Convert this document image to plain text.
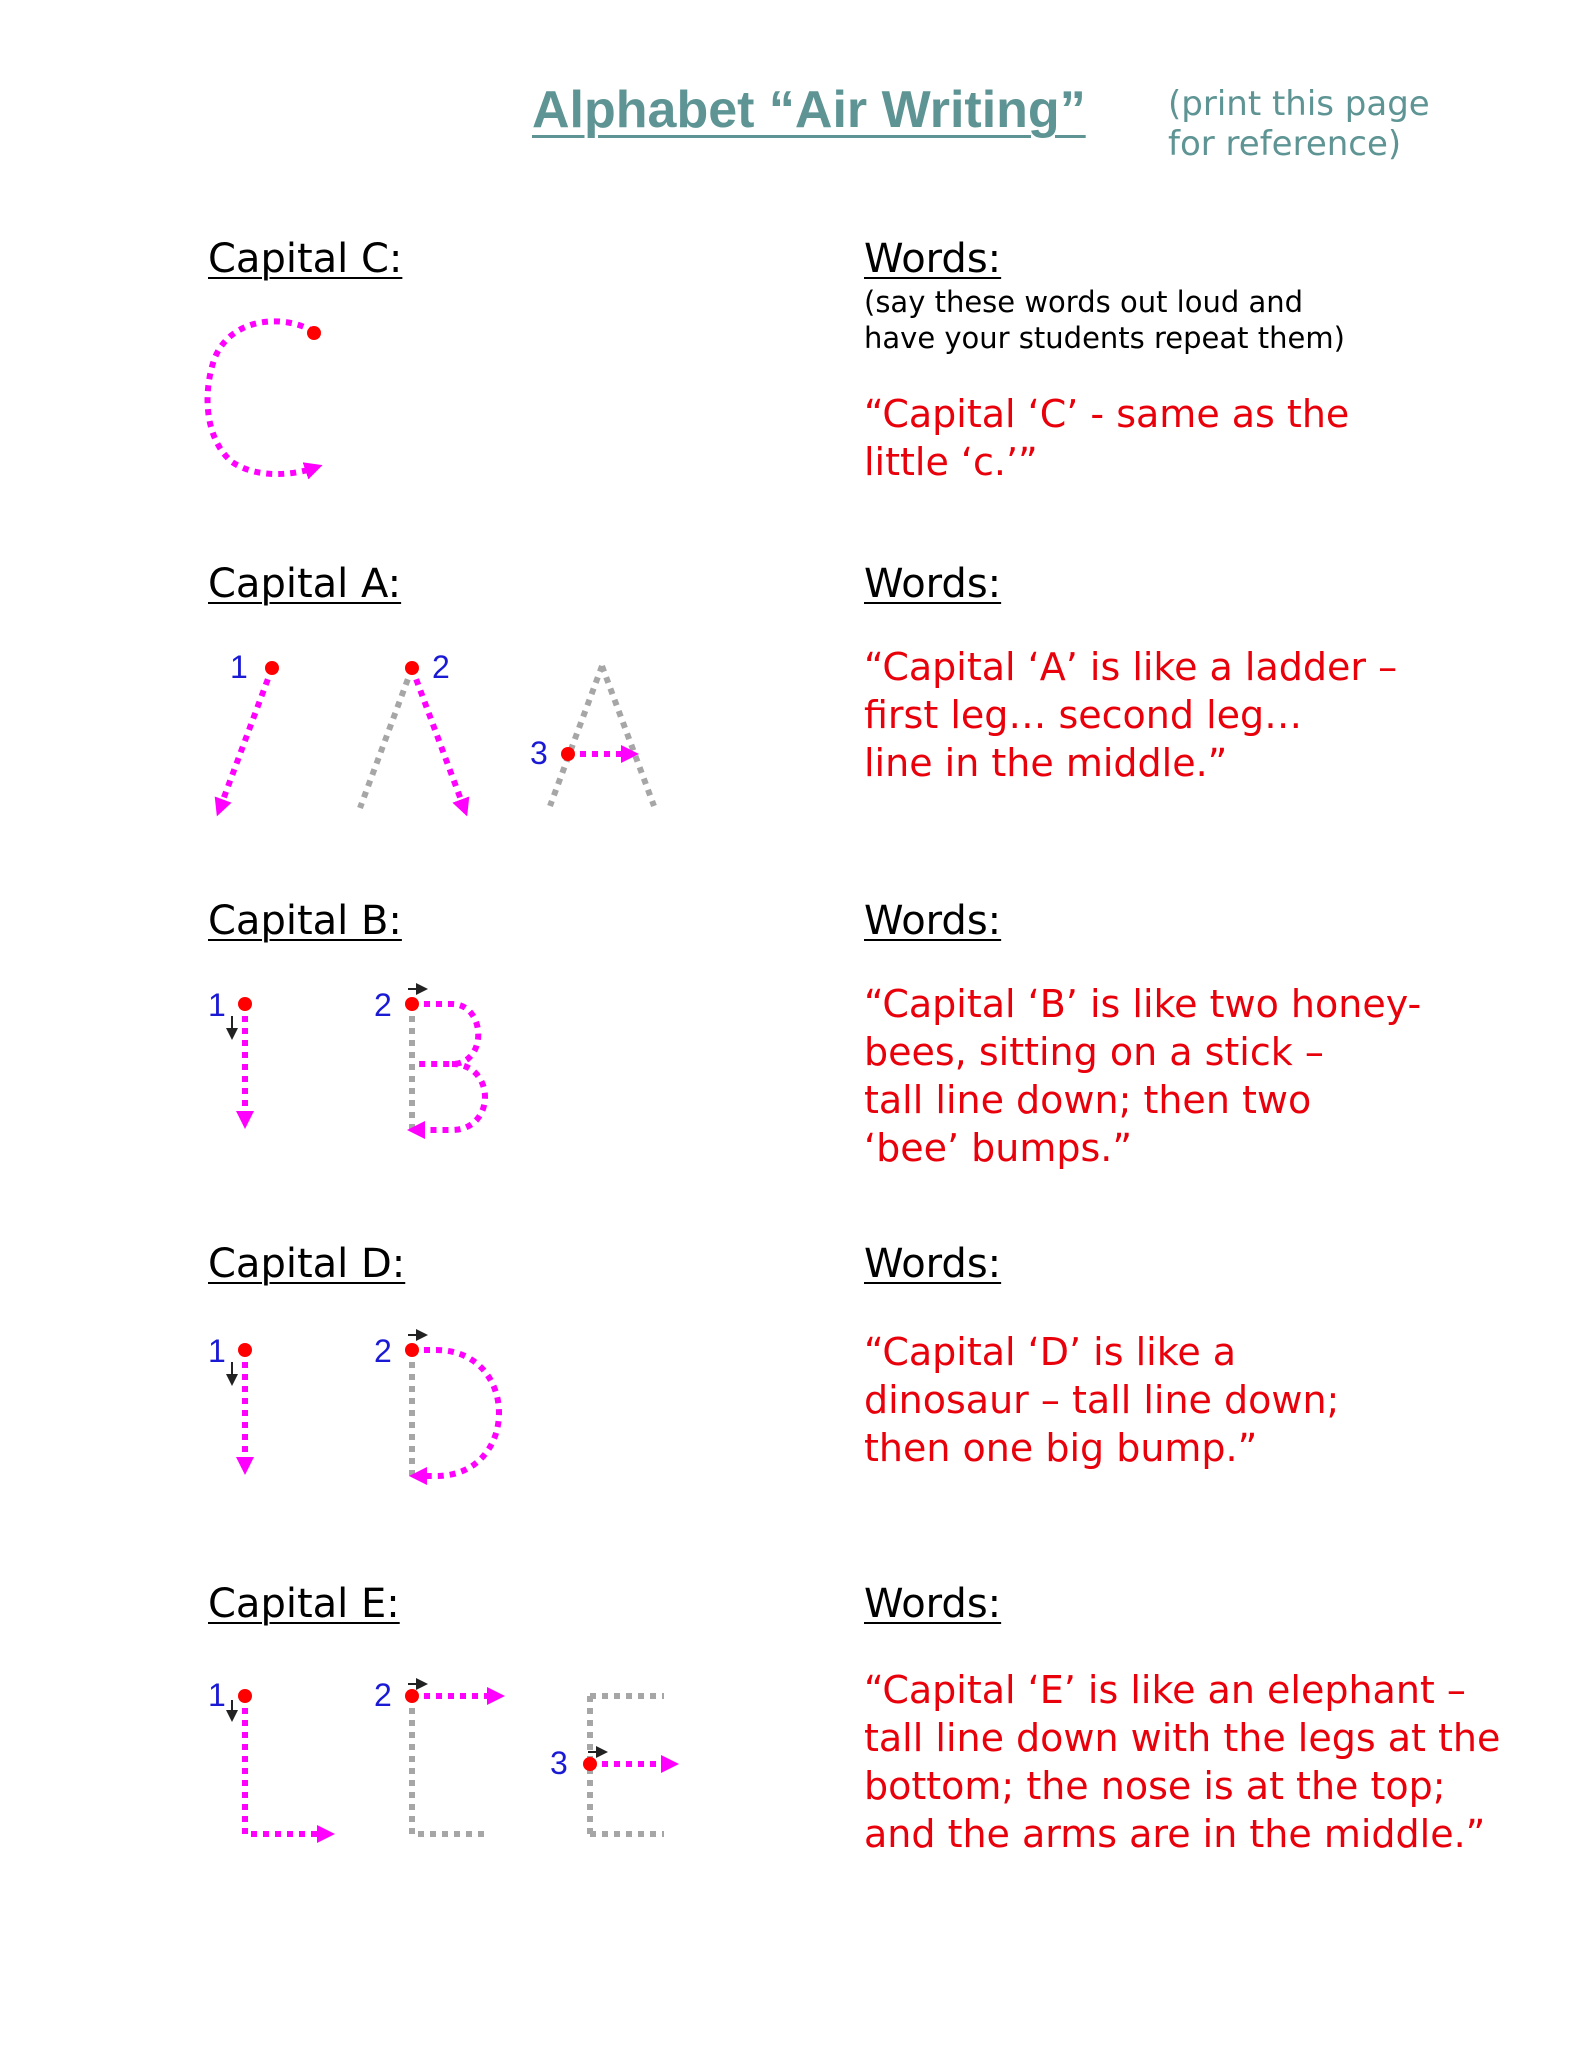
Alphabet “Air Writing” (print this page
for reference)
Capital C:	Words:
(say these words out loud and
have your students repeat them)
“Capital ‘C’ - same as the
little ‘c.’”
Capital A:	Words:
“Capital ‘A’ is like a ladder –
first leg… second leg…
line in the middle.”
1	2
3
Capital B:	Words:
“Capital ‘B’ is like two honey-
bees, sitting on a stick –
tall line down; then two
‘bee’ bumps.”
1	2
Capital D:	Words:
“Capital ‘D’ is like a
dinosaur – tall line down;
then one big bump.”
1	2
Capital E:	Words:
“Capital ‘E’ is like an elephant –
tall line down with the legs at the
bottom; the nose is at the top;
and the arms are in the middle.”
1	2
3
